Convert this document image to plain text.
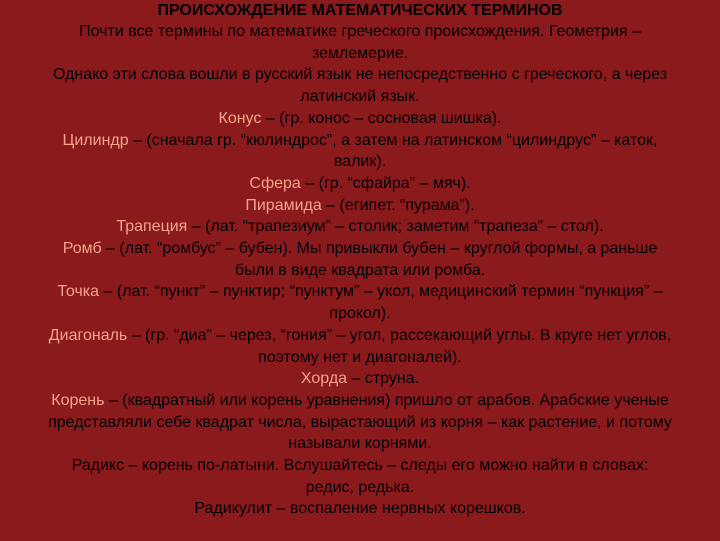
ПРОИСХОЖДЕНИЕ МАТЕМАТИЧЕСКИХ ТЕРМИНОВ

Почти все термины по математике греческого происхождения. Геометрия –
землемерие.

Однако эти слова вошли в русский язык не непосредственно с греческого, а через
латинский язык.

Конус – (гр. конос – сосновая шишка).

Цилиндр – (сначала гр. “кюлиндрос”, а затем на латинском “цилиндрус” – каток,
валик).

Сфера – (гр. “сфайра” – мяч).

Пирамида – (египет. “пурама”).

Трапеция – (лат. “трапезиум” – столик; заметим “трапеза” – стол).

Ромб – (лат. “ромбус” – бубен). Мы привыкли бубен – круглой формы, а раньше
были в виде квадрата или ромба.

Точка – (лат. “пункт” – пунктир; “пунктум” – укол, медицинский термин “пункция” –
прокол).

Диагональ – (гр. “диа” – через, “гония” – угол, рассекающий углы. В круге нет углов,
поэтому нет и диагоналей).

Хорда – струна.

Корень – (квадратный или корень уравнения) пришло от арабов. Арабские ученые
представляли себе квадрат числа, вырастающий из корня – как растение, и потому
называли корнями.

Радикс – корень по-латыни. Вслушайтесь – следы его можно найти в словах:
редис, редька.

Радикулит – воспаление нервных корешков.
